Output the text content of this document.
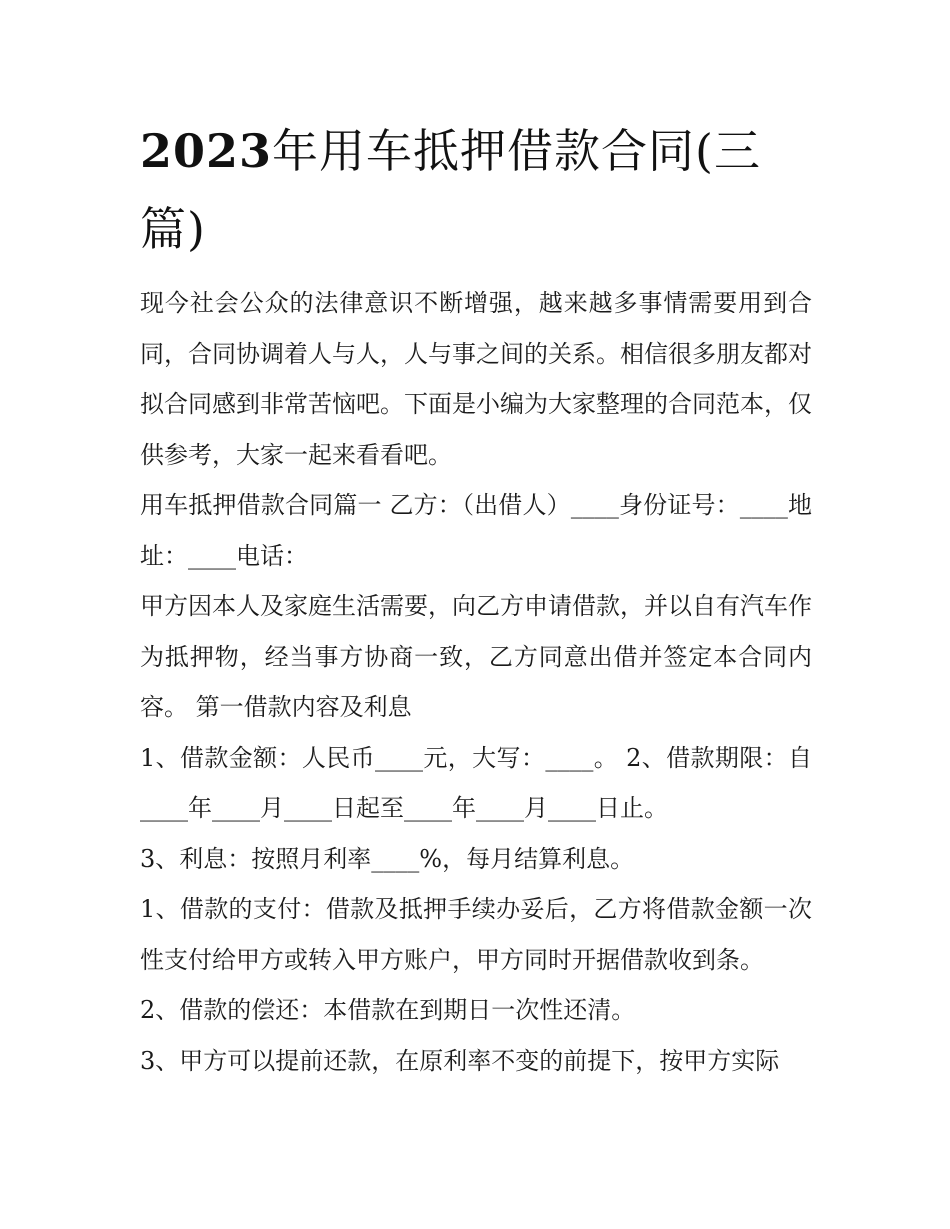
2023年用车抵押借款合同(三篇)

现今社会公众的法律意识不断增强，越来越多事情需要用到合同，合同协调着人与人，人与事之间的关系。相信很多朋友都对拟合同感到非常苦恼吧。下面是小编为大家整理的合同范本，仅供参考，大家一起来看看吧。

用车抵押借款合同篇一 乙方：（出借人）____身份证号：____地址：____电话：

甲方因本人及家庭生活需要，向乙方申请借款，并以自有汽车作为抵押物，经当事方协商一致，乙方同意出借并签定本合同内容。 第一借款内容及利息

1、借款金额：人民币____元，大写：____。 2、借款期限：自____年____月____日起至____年____月____日止。

3、利息：按照月利率____%，每月结算利息。

1、借款的支付：借款及抵押手续办妥后，乙方将借款金额一次性支付给甲方或转入甲方账户，甲方同时开据借款收到条。

2、借款的偿还：本借款在到期日一次性还清。

3、甲方可以提前还款，在原利率不变的前提下，按甲方实际
